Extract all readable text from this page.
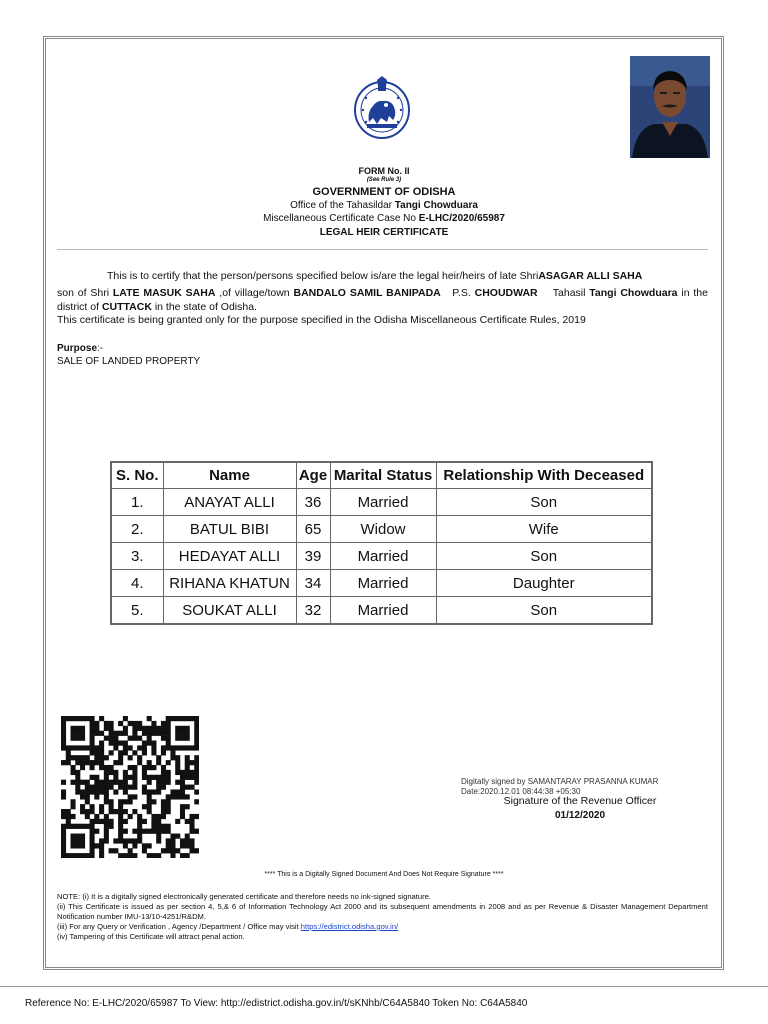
FORM No. II
(See Rule 3)
GOVERNMENT OF ODISHA
Office of the Tahasildar Tangi Chowduara
Miscellaneous Certificate Case No E-LHC/2020/65987
LEGAL HEIR CERTIFICATE
This is to certify that the person/persons specified below is/are the legal heir/heirs of late ShriASAGAR ALLI SAHA
son of Shri LATE MASUK SAHA ,of village/town BANDALO SAMIL BANIPADA   P.S. CHOUDWAR    Tahasil Tangi Chowduara in the district of CUTTACK in the state of Odisha.
This certificate is being granted only for the purpose specified in the Odisha Miscellaneous Certificate Rules, 2019
Purpose:-
SALE OF LANDED PROPERTY
S. No.	Name	Age	Marital Status	Relationship With Deceased
1.	ANAYAT ALLI	36	Married	Son
2.	BATUL BIBI	65	Widow	Wife
3.	HEDAYAT ALLI	39	Married	Son
4.	RIHANA KHATUN	34	Married	Daughter
5.	SOUKAT ALLI	32	Married	Son
Digitally signed by SAMANTARAY PRASANNA KUMAR
Date:2020.12.01 08:44:38 +05:30
Signature of the Revenue Officer
01/12/2020
**** This is a Digitally Signed Document And Does Not Require Signature ****
NOTE: (i) It is a digitally signed electronically generated certificate and therefore needs no ink-signed signature.
(ii) This Certificate is issued as per section 4, 5,& 6 of Information Technology Act 2000 and its subsequent amendments in 2008 and as per Revenue & Disaster Management Department Notification number IMU-13/10-4251/R&DM.
(iii) For any Query or Verification , Agency /Department / Office may visit https://edistrict.odisha.gov.in/
(iv) Tampering of this Certificate will attract penal action.
Reference No: E-LHC/2020/65987 To View: http://edistrict.odisha.gov.in/t/sKNhb/C64A5840 Token No: C64A5840
